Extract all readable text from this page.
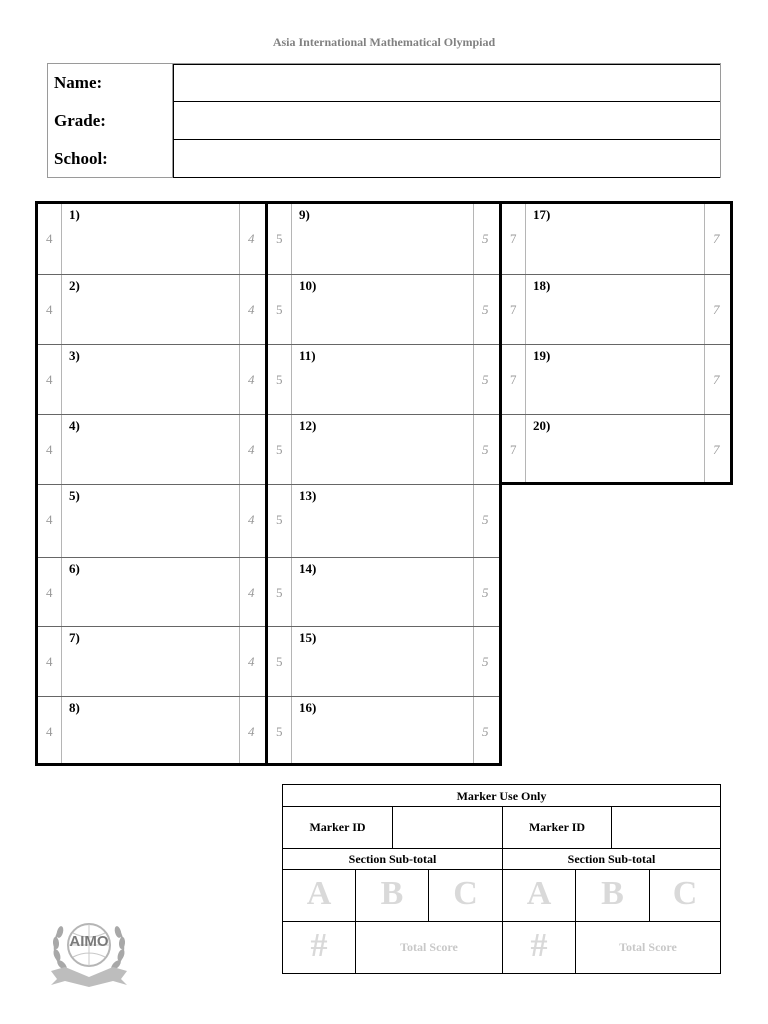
Asia International Mathematical Olympiad
Name:
Grade:
School:
4
1)
4
4
2)
4
4
3)
4
4
4)
4
4
5)
4
4
6)
4
4
7)
4
4
8)
4
5
9)
5
5
10)
5
5
11)
5
5
12)
5
5
13)
5
5
14)
5
5
15)
5
5
16)
5
7
17)
7
7
18)
7
7
19)
7
7
20)
7
Marker Use Only
Marker ID	Marker ID
Section Sub-total	Section Sub-total
A	B	C	A	B	C
#	Total Score	#	Total Score
AIMO
